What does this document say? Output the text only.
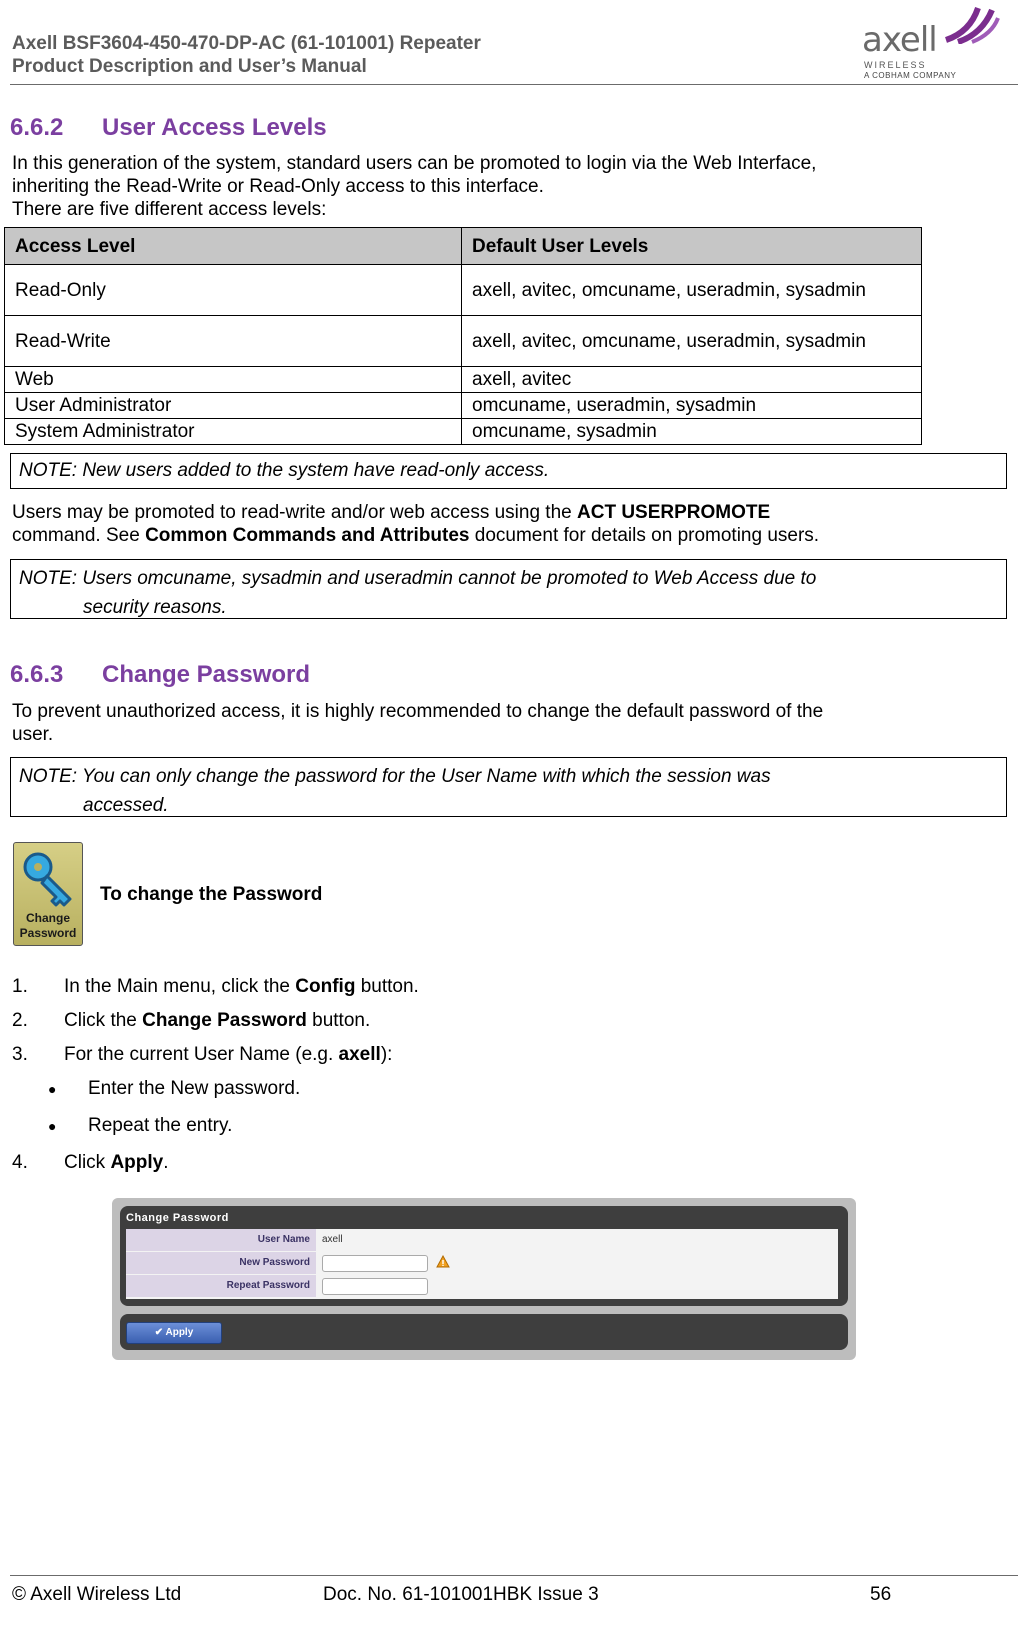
Axell BSF3604-450-470-DP-AC (61-101001) Repeater
Product Description and User’s Manual
axell
WIRELESS
A COBHAM COMPANY
6.6.2 User Access Levels
In this generation of the system, standard users can be promoted to login via the Web Interface,
inheriting the Read-Write or Read-Only access to this interface.
There are five different access levels:
Access Level	Default User Levels
Read-Only	axell, avitec, omcuname, useradmin, sysadmin
Read-Write	axell, avitec, omcuname, useradmin, sysadmin
Web	axell, avitec
User Administrator	omcuname, useradmin, sysadmin
System Administrator	omcuname, sysadmin
NOTE: New users added to the system have read-only access.
Users may be promoted to read-write and/or web access using the ACT USERPROMOTE
command. See Common Commands and Attributes document for details on promoting users.
NOTE: Users omcuname, sysadmin and useradmin cannot be promoted to Web Access due to
security reasons.
6.6.3 Change Password
To prevent unauthorized access, it is highly recommended to change the default password of the
user.
NOTE: You can only change the password for the User Name with which the session was
accessed.
Change
Password
To change the Password
1. In the Main menu, click the Config button.
2. Click the Change Password button.
3. For the current User Name (e.g. axell):
● Enter the New password.
● Repeat the entry.
4. Click Apply.
Change Password
User Name	axell
New Password
Repeat Password
✔ Apply
© Axell Wireless Ltd	Doc. No. 61-101001HBK Issue 3	56
